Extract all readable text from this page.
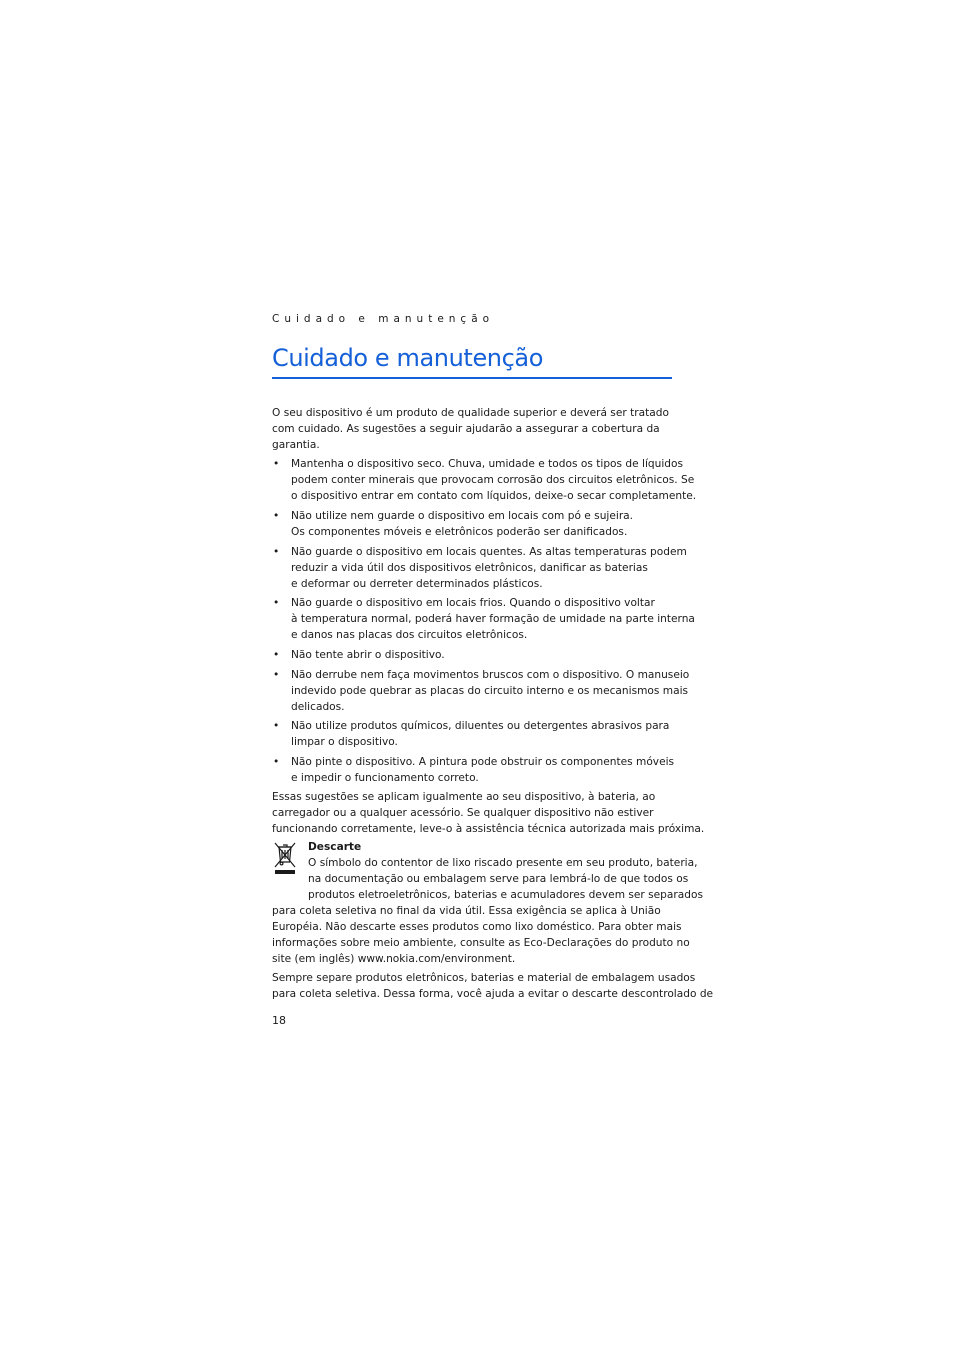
Cuidado e manutenção
Cuidado e manutenção

O seu dispositivo é um produto de qualidade superior e deverá ser tratado com cuidado. As sugestões a seguir ajudarão a assegurar a cobertura da garantia.

• Mantenha o dispositivo seco. Chuva, umidade e todos os tipos de líquidos
podem conter minerais que provocam corrosão dos circuitos eletrônicos. Se
o dispositivo entrar em contato com líquidos, deixe-o secar completamente.
• Não utilize nem guarde o dispositivo em locais com pó e sujeira.
Os componentes móveis e eletrônicos poderão ser danificados.
• Não guarde o dispositivo em locais quentes. As altas temperaturas podem
reduzir a vida útil dos dispositivos eletrônicos, danificar as baterias
e deformar ou derreter determinados plásticos.
• Não guarde o dispositivo em locais frios. Quando o dispositivo voltar
à temperatura normal, poderá haver formação de umidade na parte interna
e danos nas placas dos circuitos eletrônicos.
• Não tente abrir o dispositivo.
• Não derrube nem faça movimentos bruscos com o dispositivo. O manuseio
indevido pode quebrar as placas do circuito interno e os mecanismos mais
delicados.
• Não utilize produtos químicos, diluentes ou detergentes abrasivos para
limpar o dispositivo.
• Não pinte o dispositivo. A pintura pode obstruir os componentes móveis
e impedir o funcionamento correto.

Essas sugestões se aplicam igualmente ao seu dispositivo, à bateria, ao
carregador ou a qualquer acessório. Se qualquer dispositivo não estiver
funcionando corretamente, leve-o à assistência técnica autorizada mais próxima.

Descarte
O símbolo do contentor de lixo riscado presente em seu produto, bateria,
na documentação ou embalagem serve para lembrá-lo de que todos os
produtos eletroeletrônicos, baterias e acumuladores devem ser separados
para coleta seletiva no final da vida útil. Essa exigência se aplica à União
Européia. Não descarte esses produtos como lixo doméstico. Para obter mais
informações sobre meio ambiente, consulte as Eco-Declarações do produto no
site (em inglês) www.nokia.com/environment.

Sempre separe produtos eletrônicos, baterias e material de embalagem usados
para coleta seletiva. Dessa forma, você ajuda a evitar o descarte descontrolado de

18
